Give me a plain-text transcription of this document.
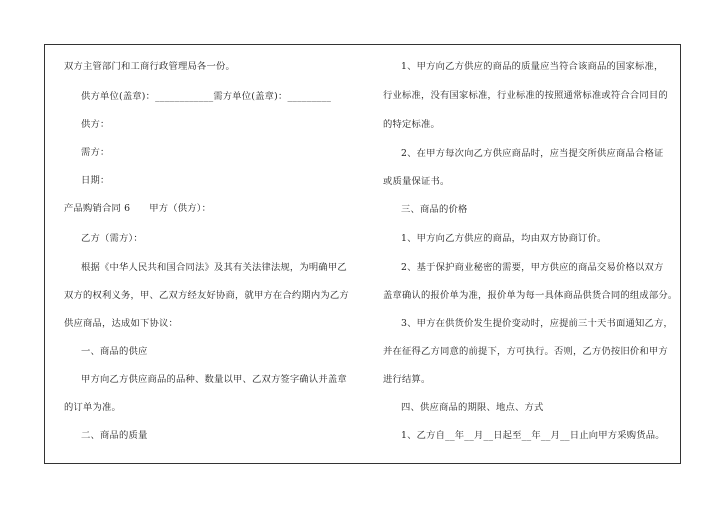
双方主管部门和工商行政管理局各一份。
供方单位(盖章)：____________需方单位(盖章)：_________
供方：
需方：
日期：
产品购销合同 6　　甲方（供方）：
乙方（需方）：
根据《中华人民共和国合同法》及其有关法律法规，为明确甲乙
双方的权利义务，甲、乙双方经友好协商，就甲方在合约期内为乙方
供应商品，达成如下协议：
一、商品的供应
甲方向乙方供应商品的品种、数量以甲、乙双方签字确认并盖章
的订单为准。
二、商品的质量
1、甲方向乙方供应的商品的质量应当符合该商品的国家标准，
行业标准，没有国家标准，行业标准的按照通常标准或符合合同目的
的特定标准。
2、在甲方每次向乙方供应商品时，应当提交所供应商品合格证
或质量保证书。
三、商品的价格
1、甲方向乙方供应的商品，均由双方协商订价。
2、基于保护商业秘密的需要，甲方供应的商品交易价格以双方
盖章确认的报价单为准，报价单为每一具体商品供货合同的组成部分。
3、甲方在供货价发生提价变动时，应提前三十天书面通知乙方，
并在征得乙方同意的前提下，方可执行。否则，乙方仍按旧价和甲方
进行结算。
四、供应商品的期限、地点、方式
1、乙方自__年__月__日起至__年__月__日止向甲方采购货品。
